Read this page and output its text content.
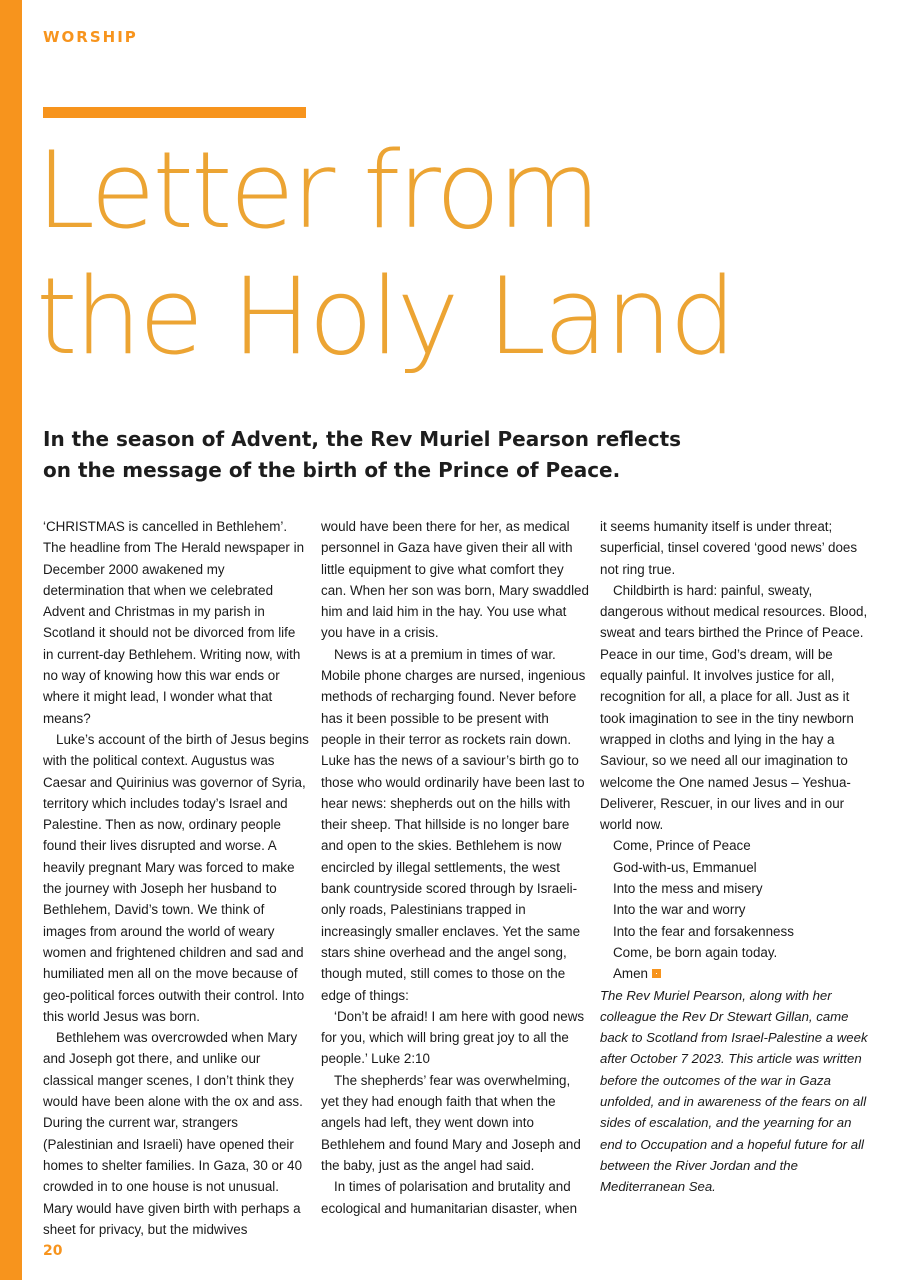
WORSHIP
Letter from
the Holy Land

In the season of Advent, the Rev Muriel Pearson reflects on the message of the birth of the Prince of Peace.

‘CHRISTMAS is cancelled in Bethlehem’. The headline from The Herald newspaper in December 2000 awakened my determination that when we celebrated Advent and Christmas in my parish in Scotland it should not be divorced from life in current-day Bethlehem. Writing now, with no way of knowing how this war ends or where it might lead, I wonder what that means?

Luke’s account of the birth of Jesus begins with the political context. Augustus was Caesar and Quirinius was governor of Syria, territory which includes today’s Israel and Palestine. Then as now, ordinary people found their lives disrupted and worse. A heavily pregnant Mary was forced to make the journey with Joseph her husband to Bethlehem, David’s town. We think of images from around the world of weary women and frightened children and sad and humiliated men all on the move because of geo-political forces outwith their control. Into this world Jesus was born.

Bethlehem was overcrowded when Mary and Joseph got there, and unlike our classical manger scenes, I don’t think they would have been alone with the ox and ass. During the current war, strangers (Palestinian and Israeli) have opened their homes to shelter families. In Gaza, 30 or 40 crowded in to one house is not unusual. Mary would have given birth with perhaps a sheet for privacy, but the midwives

would have been there for her, as medical personnel in Gaza have given their all with little equipment to give what comfort they can. When her son was born, Mary swaddled him and laid him in the hay. You use what you have in a crisis.

News is at a premium in times of war. Mobile phone charges are nursed, ingenious methods of recharging found. Never before has it been possible to be present with people in their terror as rockets rain down. Luke has the news of a saviour’s birth go to those who would ordinarily have been last to hear news: shepherds out on the hills with their sheep. That hillside is no longer bare and open to the skies. Bethlehem is now encircled by illegal settlements, the west bank countryside scored through by Israeli-only roads, Palestinians trapped in increasingly smaller enclaves. Yet the same stars shine overhead and the angel song, though muted, still comes to those on the edge of things:

‘Don’t be afraid! I am here with good news for you, which will bring great joy to all the people.’ Luke 2:10

The shepherds’ fear was overwhelming, yet they had enough faith that when the angels had left, they went down into Bethlehem and found Mary and Joseph and the baby, just as the angel had said.

In times of polarisation and brutality and ecological and humanitarian disaster, when

it seems humanity itself is under threat; superficial, tinsel covered ‘good news’ does not ring true.

Childbirth is hard: painful, sweaty, dangerous without medical resources. Blood, sweat and tears birthed the Prince of Peace. Peace in our time, God’s dream, will be equally painful. It involves justice for all, recognition for all, a place for all. Just as it took imagination to see in the tiny newborn wrapped in cloths and lying in the hay a Saviour, so we need all our imagination to welcome the One named Jesus – Yeshua-Deliverer, Rescuer, in our lives and in our world now.

Come, Prince of Peace
God-with-us, Emmanuel
Into the mess and misery
Into the war and worry
Into the fear and forsakenness
Come, be born again today.
Amen

The Rev Muriel Pearson, along with her colleague the Rev Dr Stewart Gillan, came back to Scotland from Israel-Palestine a week after October 7 2023. This article was written before the outcomes of the war in Gaza unfolded, and in awareness of the fears on all sides of escalation, and the yearning for an end to Occupation and a hopeful future for all between the River Jordan and the Mediterranean Sea.

20
